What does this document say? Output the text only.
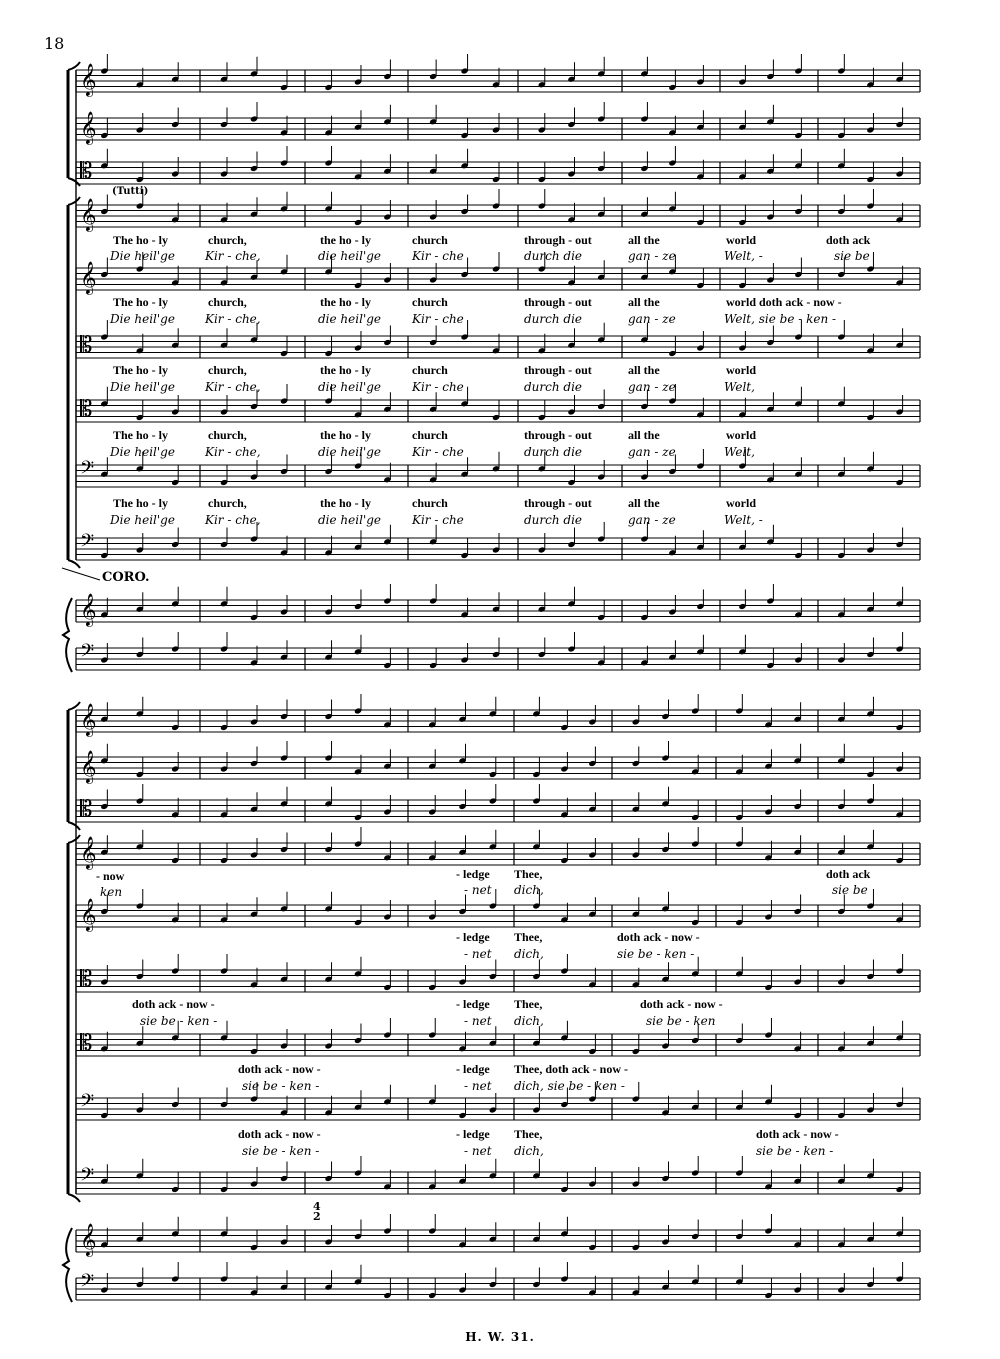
𝄞
𝄞
𝄡
𝄞
𝄞
𝄡
𝄡
𝄢
𝄢
𝄞
𝄢
𝄞
𝄞
𝄡
𝄞
𝄞
𝄡
𝄡
𝄢
𝄢
𝄞
𝄢
18
(Tutti)
CORO.
The ho - ly	church,	the ho - ly	church	through - out	all the	world	doth ack
Die heil'ge	Kir - che,	die heil'ge	Kir - che	durch die	gan - ze	Welt, -	sie be
The ho - ly	church,	the ho - ly	church	through - out	all the	world doth ack - now -
Die heil'ge	Kir - che,	die heil'ge	Kir - che	durch die	gan - ze	Welt, sie be - ken -
The ho - ly	church,	the ho - ly	church	through - out	all the	world
Die heil'ge	Kir - che,	die heil'ge	Kir - che	durch die	gan - ze	Welt,
The ho - ly	church,	the ho - ly	church	through - out	all the	world
Die heil'ge	Kir - che,	die heil'ge	Kir - che	durch die	gan - ze	Welt,
The ho - ly	church,	the ho - ly	church	through - out	all the	world
Die heil'ge	Kir - che,	die heil'ge	Kir - che	durch die	gan - ze	Welt, -
- now	- ledge Thee,	doth ack
ken	- net dich,	sie be
- ledge Thee,	doth ack - now -
- net dich,	sie be - ken -
doth ack - now -	- ledge Thee,	doth ack - now -
sie be - ken -	- net dich,	sie be - ken
doth ack - now -	- ledge Thee, doth ack - now -
sie be - ken -	- net dich, sie be - ken -
doth ack - now -	- ledge Thee,	doth ack - now -
sie be - ken -	- net dich,	sie be - ken -
4
2
H. W. 31.
